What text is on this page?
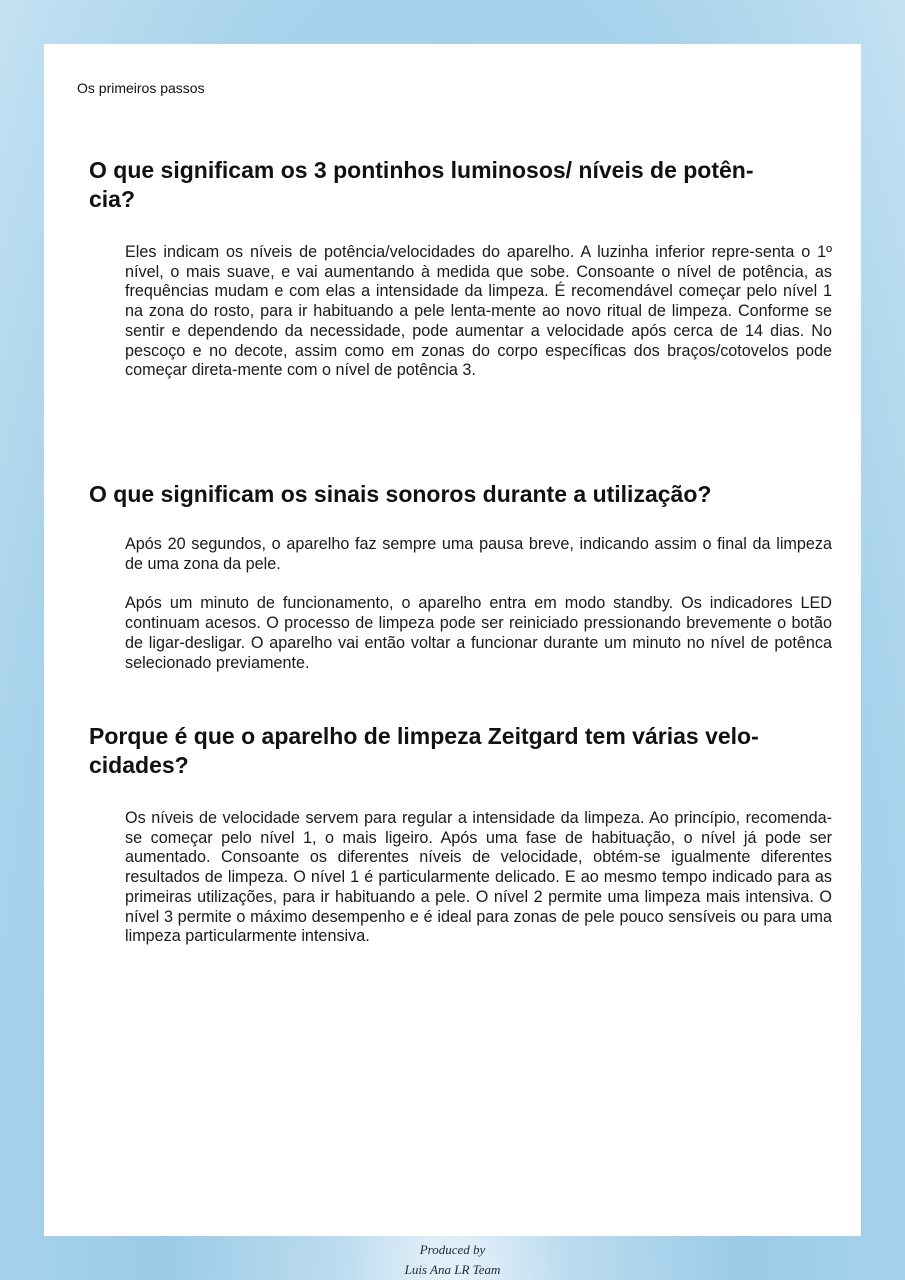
Os primeiros passos
O que significam os 3 pontinhos luminosos/ níveis de potên-cia?

Eles indicam os níveis de potência/velocidades do aparelho. A luzinha inferior repre-senta o 1º nível, o mais suave, e vai aumentando à medida que sobe. Consoante o nível de potência, as frequências mudam e com elas a intensidade da limpeza. É recomendável começar pelo nível 1 na zona do rosto, para ir habituando a pele lenta-mente ao novo ritual de limpeza. Conforme se sentir e dependendo da necessidade, pode aumentar a velocidade após cerca de 14 dias. No pescoço e no decote, assim como em zonas do corpo específicas dos braços/cotovelos pode começar direta-mente com o nível de potência 3.

O que significam os sinais sonoros durante a utilização?

Após 20 segundos, o aparelho faz sempre uma pausa breve, indicando assim o final da limpeza de uma zona da pele.

Após um minuto de funcionamento, o aparelho entra em modo standby. Os indicadores LED continuam acesos. O processo de limpeza pode ser reiniciado pressionando brevemente o botão de ligar-desligar. O aparelho vai então voltar a funcionar durante um minuto no nível de potênca selecionado previamente.

Porque é que o aparelho de limpeza Zeitgard tem várias velo-cidades?

Os níveis de velocidade servem para regular a intensidade da limpeza. Ao princípio, recomenda-se começar pelo nível 1, o mais ligeiro. Após uma fase de habituação, o nível já pode ser aumentado. Consoante os diferentes níveis de velocidade, obtém-se igualmente diferentes resultados de limpeza. O nível 1 é particularmente delicado. E ao mesmo tempo indicado para as primeiras utilizações, para ir habituando a pele. O nível 2 permite uma limpeza mais intensiva. O nível 3 permite o máximo desempenho e é ideal para zonas de pele pouco sensíveis ou para uma limpeza particularmente intensiva.

Produced by
Luis Ana LR Team
